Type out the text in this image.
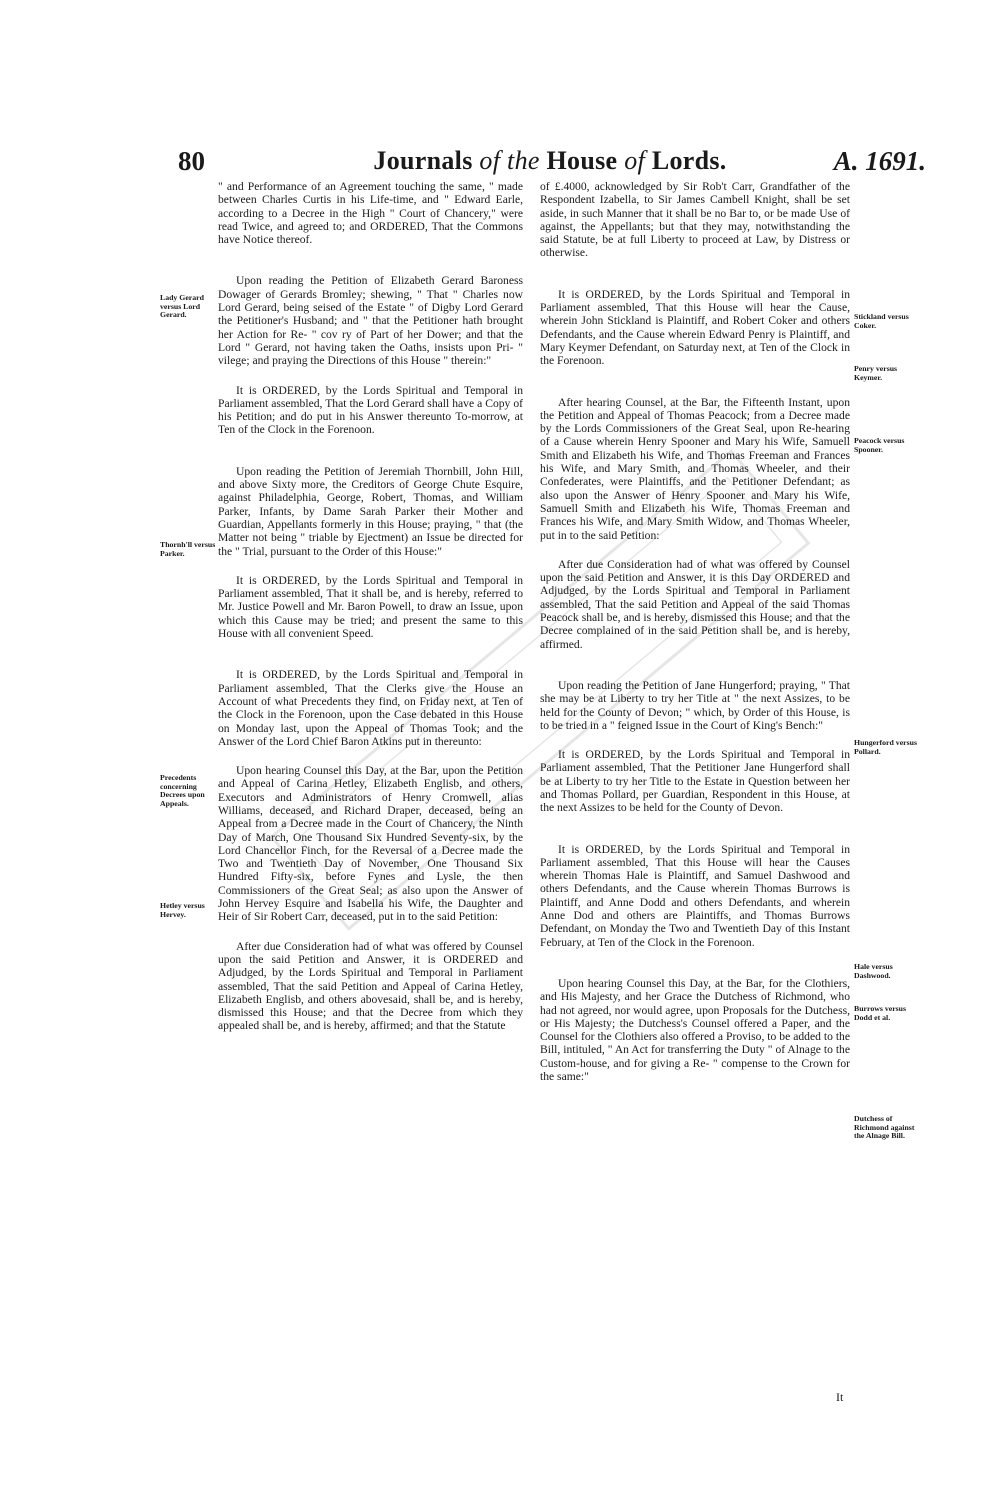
80	Journals of the House of Lords.	A. 1691.
Lady Gerard versus Lord Gerard.
Thornh'll versus Parker.
Precedents concerning Decrees upon Appeals.
Hetley versus Hervey.
Stickland versus Coker.
Penry versus Keymer.
Peacock versus Spooner.
Hungerford versus Pollard.
Hale versus Dashwood.
Burrows versus Dodd et al.
Dutchess of Richmond against the Alnage Bill.

" and Performance of an Agreement touching the same, " made between Charles Curtis in his Life-time, and " Edward Earle, according to a Decree in the High " Court of Chancery," were read Twice, and agreed to; and ORDERED, That the Commons have Notice thereof.

Upon reading the Petition of Elizabeth Gerard Baroness Dowager of Gerards Bromley; shewing, " That " Charles now Lord Gerard, being seised of the Estate " of Digby Lord Gerard the Petitioner's Husband; and " that the Petitioner hath brought her Action for Re- " cov ry of Part of her Dower; and that the Lord " Gerard, not having taken the Oaths, insists upon Pri- " vilege; and praying the Directions of this House " therein:"

It is ORDERED, by the Lords Spiritual and Temporal in Parliament assembled, That the Lord Gerard shall have a Copy of his Petition; and do put in his Answer thereunto To-morrow, at Ten of the Clock in the Forenoon.

Upon reading the Petition of Jeremiah Thornbill, John Hill, and above Sixty more, the Creditors of George Chute Esquire, against Philadelphia, George, Robert, Thomas, and William Parker, Infants, by Dame Sarah Parker their Mother and Guardian, Appellants formerly in this House; praying, " that (the Matter not being " triable by Ejectment) an Issue be directed for the " Trial, pursuant to the Order of this House:"

It is ORDERED, by the Lords Spiritual and Temporal in Parliament assembled, That it shall be, and is hereby, referred to Mr. Justice Powell and Mr. Baron Powell, to draw an Issue, upon which this Cause may be tried; and present the same to this House with all convenient Speed.

It is ORDERED, by the Lords Spiritual and Temporal in Parliament assembled, That the Clerks give the House an Account of what Precedents they find, on Friday next, at Ten of the Clock in the Forenoon, upon the Case debated in this House on Monday last, upon the Appeal of Thomas Took; and the Answer of the Lord Chief Baron Atkins put in thereunto:

Upon hearing Counsel this Day, at the Bar, upon the Petition and Appeal of Carina Hetley, Elizabeth Englisb, and others, Executors and Administrators of Henry Cromwell, alias Williams, deceased, and Richard Draper, deceased, being an Appeal from a Decree made in the Court of Chancery, the Ninth Day of March, One Thousand Six Hundred Seventy-six, by the Lord Chancellor Finch, for the Reversal of a Decree made the Two and Twentieth Day of November, One Thousand Six Hundred Fifty-six, before Fynes and Lysle, the then Commissioners of the Great Seal; as also upon the Answer of John Hervey Esquire and Isabella his Wife, the Daughter and Heir of Sir Robert Carr, deceased, put in to the said Petition:

After due Consideration had of what was offered by Counsel upon the said Petition and Answer, it is ORDERED and Adjudged, by the Lords Spiritual and Temporal in Parliament assembled, That the said Petition and Appeal of Carina Hetley, Elizabeth Englisb, and others abovesaid, shall be, and is hereby, dismissed this House; and that the Decree from which they appealed shall be, and is hereby, affirmed; and that the Statute

of £.4000, acknowledged by Sir Rob't Carr, Grandfather of the Respondent Izabella, to Sir James Cambell Knight, shall be set aside, in such Manner that it shall be no Bar to, or be made Use of against, the Appellants; but that they may, notwithstanding the said Statute, be at full Liberty to proceed at Law, by Distress or otherwise.

It is ORDERED, by the Lords Spiritual and Temporal in Parliament assembled, That this House will hear the Cause, wherein John Stickland is Plaintiff, and Robert Coker and others Defendants, and the Cause wherein Edward Penry is Plaintiff, and Mary Keymer Defendant, on Saturday next, at Ten of the Clock in the Forenoon.

After hearing Counsel, at the Bar, the Fifteenth Instant, upon the Petition and Appeal of Thomas Peacock; from a Decree made by the Lords Commissioners of the Great Seal, upon Re-hearing of a Cause wherein Henry Spooner and Mary his Wife, Samuell Smith and Elizabeth his Wife, and Thomas Freeman and Frances his Wife, and Mary Smith, and Thomas Wheeler, and their Confederates, were Plaintiffs, and the Petitioner Defendant; as also upon the Answer of Henry Spooner and Mary his Wife, Samuell Smith and Elizabeth his Wife, Thomas Freeman and Frances his Wife, and Mary Smith Widow, and Thomas Wheeler, put in to the said Petition:

After due Consideration had of what was offered by Counsel upon the said Petition and Answer, it is this Day ORDERED and Adjudged, by the Lords Spiritual and Temporal in Parliament assembled, That the said Petition and Appeal of the said Thomas Peacock shall be, and is hereby, dismissed this House; and that the Decree complained of in the said Petition shall be, and is hereby, affirmed.

Upon reading the Petition of Jane Hungerford; praying, " That she may be at Liberty to try her Title at " the next Assizes, to be held for the County of Devon; " which, by Order of this House, is to be tried in a " feigned Issue in the Court of King's Bench:"

It is ORDERED, by the Lords Spiritual and Temporal in Parliament assembled, That the Petitioner Jane Hungerford shall be at Liberty to try her Title to the Estate in Question between her and Thomas Pollard, per Guardian, Respondent in this House, at the next Assizes to be held for the County of Devon.

It is ORDERED, by the Lords Spiritual and Temporal in Parliament assembled, That this House will hear the Causes wherein Thomas Hale is Plaintiff, and Samuel Dashwood and others Defendants, and the Cause wherein Thomas Burrows is Plaintiff, and Anne Dodd and others Defendants, and wherein Anne Dod and others are Plaintiffs, and Thomas Burrows Defendant, on Monday the Two and Twentieth Day of this Instant February, at Ten of the Clock in the Forenoon.

Upon hearing Counsel this Day, at the Bar, for the Clothiers, and His Majesty, and her Grace the Dutchess of Richmond, who had not agreed, nor would agree, upon Proposals for the Dutchess, or His Majesty; the Dutchess's Counsel offered a Paper, and the Counsel for the Clothiers also offered a Proviso, to be added to the Bill, intituled, " An Act for transferring the Duty " of Alnage to the Custom-house, and for giving a Re- " compense to the Crown for the same:"

It
